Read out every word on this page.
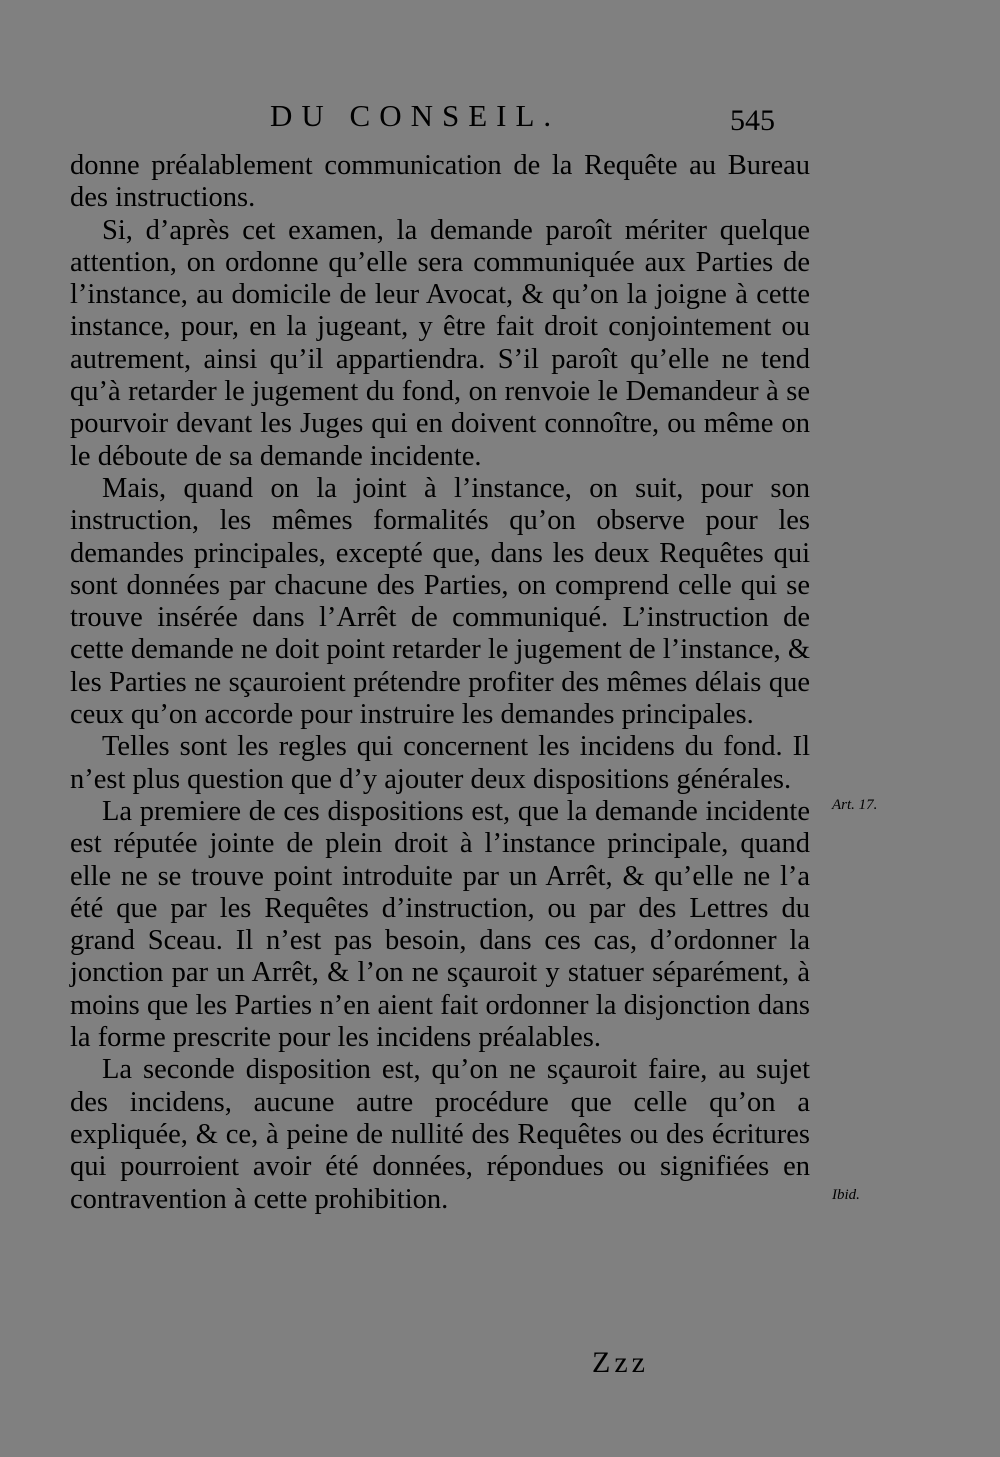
DU CONSEIL.	545

donne préalablement communication de la Requête au Bureau des instructions.

Si, d’après cet examen, la demande paroît mériter quelque attention, on ordonne qu’elle sera communiquée aux Parties de l’instance, au domicile de leur Avocat, & qu’on la joigne à cette instance, pour, en la jugeant, y être fait droit conjointement ou autrement, ainsi qu’il appartiendra. S’il paroît qu’elle ne tend qu’à retarder le jugement du fond, on renvoie le Demandeur à se pourvoir devant les Juges qui en doivent connoître, ou même on le déboute de sa demande incidente.

Mais, quand on la joint à l’instance, on suit, pour son instruction, les mêmes formalités qu’on observe pour les demandes principales, excepté que, dans les deux Requêtes qui sont données par chacune des Parties, on comprend celle qui se trouve insérée dans l’Arrêt de communiqué. L’instruction de cette demande ne doit point retarder le jugement de l’instance, & les Parties ne sçauroient prétendre profiter des mêmes délais que ceux qu’on accorde pour instruire les demandes principales.

Telles sont les regles qui concernent les incidens du fond. Il n’est plus question que d’y ajouter deux dispositions générales.

La premiere de ces dispositions est, que la demande incidente est réputée jointe de plein droit à l’instance principale, quand elle ne se trouve point introduite par un Arrêt, & qu’elle ne l’a été que par les Requêtes d’instruction, ou par des Lettres du grand Sceau. Il n’est pas besoin, dans ces cas, d’ordonner la jonction par un Arrêt, & l’on ne sçauroit y statuer séparément, à moins que les Parties n’en aient fait ordonner la disjonction dans la forme prescrite pour les incidens préalables.

La seconde disposition est, qu’on ne sçauroit faire, au sujet des incidens, aucune autre procédure que celle qu’on a expliquée, & ce, à peine de nullité des Requêtes ou des écritures qui pourroient avoir été données, répondues ou signifiées en contravention à cette prohibition.

Art. 17.
Ibid.
Zzz
